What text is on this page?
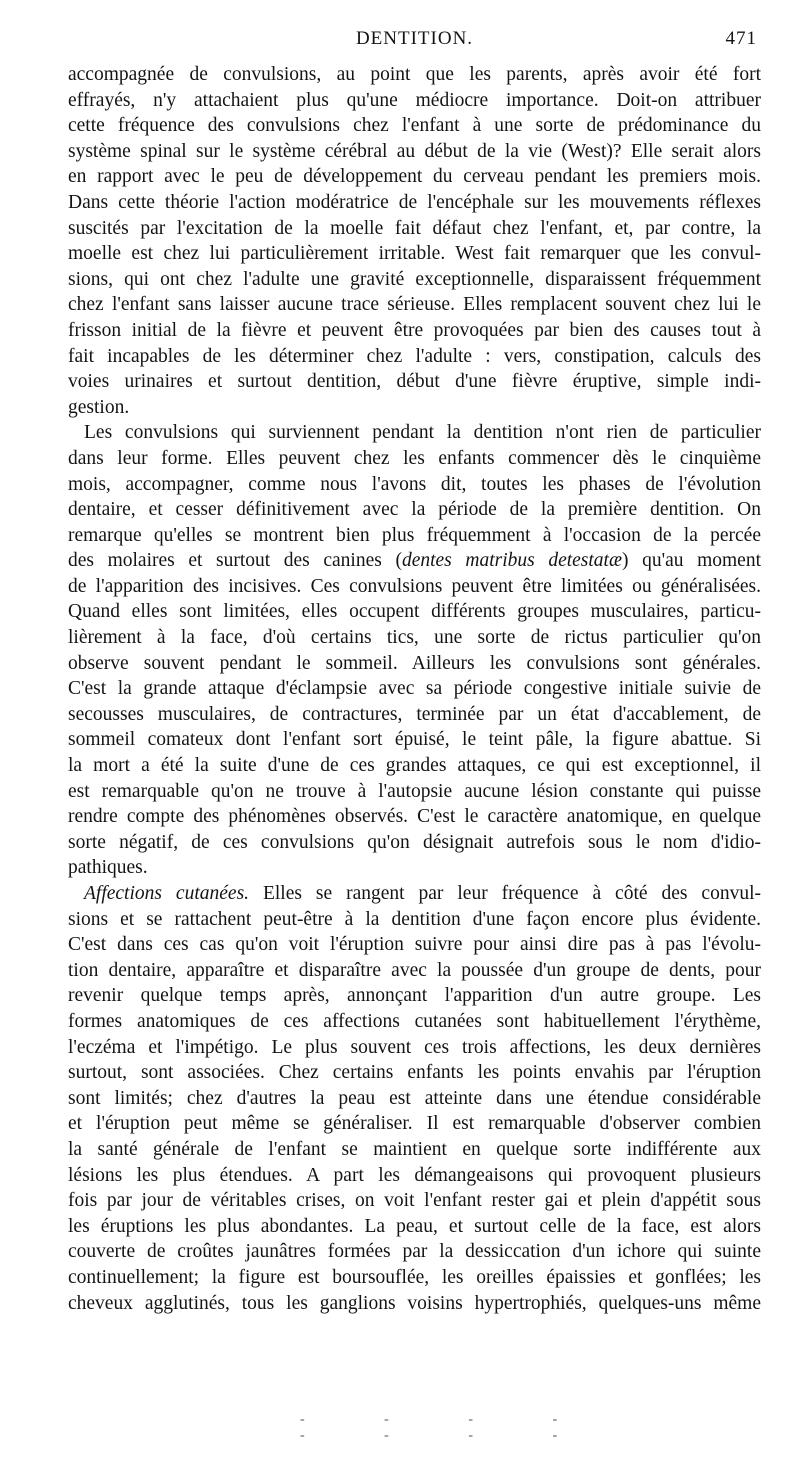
DENTITION.	471
accompagnée de convulsions, au point que les parents, après avoir été fort
effrayés, n'y attachaient plus qu'une médiocre importance. Doit-on attribuer
cette fréquence des convulsions chez l'enfant à une sorte de prédominance du
système spinal sur le système cérébral au début de la vie (West)? Elle serait alors
en rapport avec le peu de développement du cerveau pendant les premiers mois.
Dans cette théorie l'action modératrice de l'encéphale sur les mouvements réflexes
suscités par l'excitation de la moelle fait défaut chez l'enfant, et, par contre, la
moelle est chez lui particulièrement irritable. West fait remarquer que les convul-
sions, qui ont chez l'adulte une gravité exceptionnelle, disparaissent fréquemment
chez l'enfant sans laisser aucune trace sérieuse. Elles remplacent souvent chez lui le
frisson initial de la fièvre et peuvent être provoquées par bien des causes tout à
fait incapables de les déterminer chez l'adulte : vers, constipation, calculs des
voies urinaires et surtout dentition, début d'une fièvre éruptive, simple indi-
gestion.
Les convulsions qui surviennent pendant la dentition n'ont rien de particulier
dans leur forme. Elles peuvent chez les enfants commencer dès le cinquième
mois, accompagner, comme nous l'avons dit, toutes les phases de l'évolution
dentaire, et cesser définitivement avec la période de la première dentition. On
remarque qu'elles se montrent bien plus fréquemment à l'occasion de la percée
des molaires et surtout des canines (dentes matribus detestatæ) qu'au moment
de l'apparition des incisives. Ces convulsions peuvent être limitées ou généralisées.
Quand elles sont limitées, elles occupent différents groupes musculaires, particu-
lièrement à la face, d'où certains tics, une sorte de rictus particulier qu'on
observe souvent pendant le sommeil. Ailleurs les convulsions sont générales.
C'est la grande attaque d'éclampsie avec sa période congestive initiale suivie de
secousses musculaires, de contractures, terminée par un état d'accablement, de
sommeil comateux dont l'enfant sort épuisé, le teint pâle, la figure abattue. Si
la mort a été la suite d'une de ces grandes attaques, ce qui est exceptionnel, il
est remarquable qu'on ne trouve à l'autopsie aucune lésion constante qui puisse
rendre compte des phénomènes observés. C'est le caractère anatomique, en quelque
sorte négatif, de ces convulsions qu'on désignait autrefois sous le nom d'idio-
pathiques.
Affections cutanées. Elles se rangent par leur fréquence à côté des convul-
sions et se rattachent peut-être à la dentition d'une façon encore plus évidente.
C'est dans ces cas qu'on voit l'éruption suivre pour ainsi dire pas à pas l'évolu-
tion dentaire, apparaître et disparaître avec la poussée d'un groupe de dents, pour
revenir quelque temps après, annonçant l'apparition d'un autre groupe. Les
formes anatomiques de ces affections cutanées sont habituellement l'érythème,
l'eczéma et l'impétigo. Le plus souvent ces trois affections, les deux dernières
surtout, sont associées. Chez certains enfants les points envahis par l'éruption
sont limités; chez d'autres la peau est atteinte dans une étendue considérable
et l'éruption peut même se généraliser. Il est remarquable d'observer combien
la santé générale de l'enfant se maintient en quelque sorte indifférente aux
lésions les plus étendues. A part les démangeaisons qui provoquent plusieurs
fois par jour de véritables crises, on voit l'enfant rester gai et plein d'appétit sous
les éruptions les plus abondantes. La peau, et surtout celle de la face, est alors
couverte de croûtes jaunâtres formées par la dessiccation d'un ichore qui suinte
continuellement; la figure est boursouflée, les oreilles épaissies et gonflées; les
cheveux agglutinés, tous les ganglions voisins hypertrophiés, quelques-uns même
- - - - - - - -
